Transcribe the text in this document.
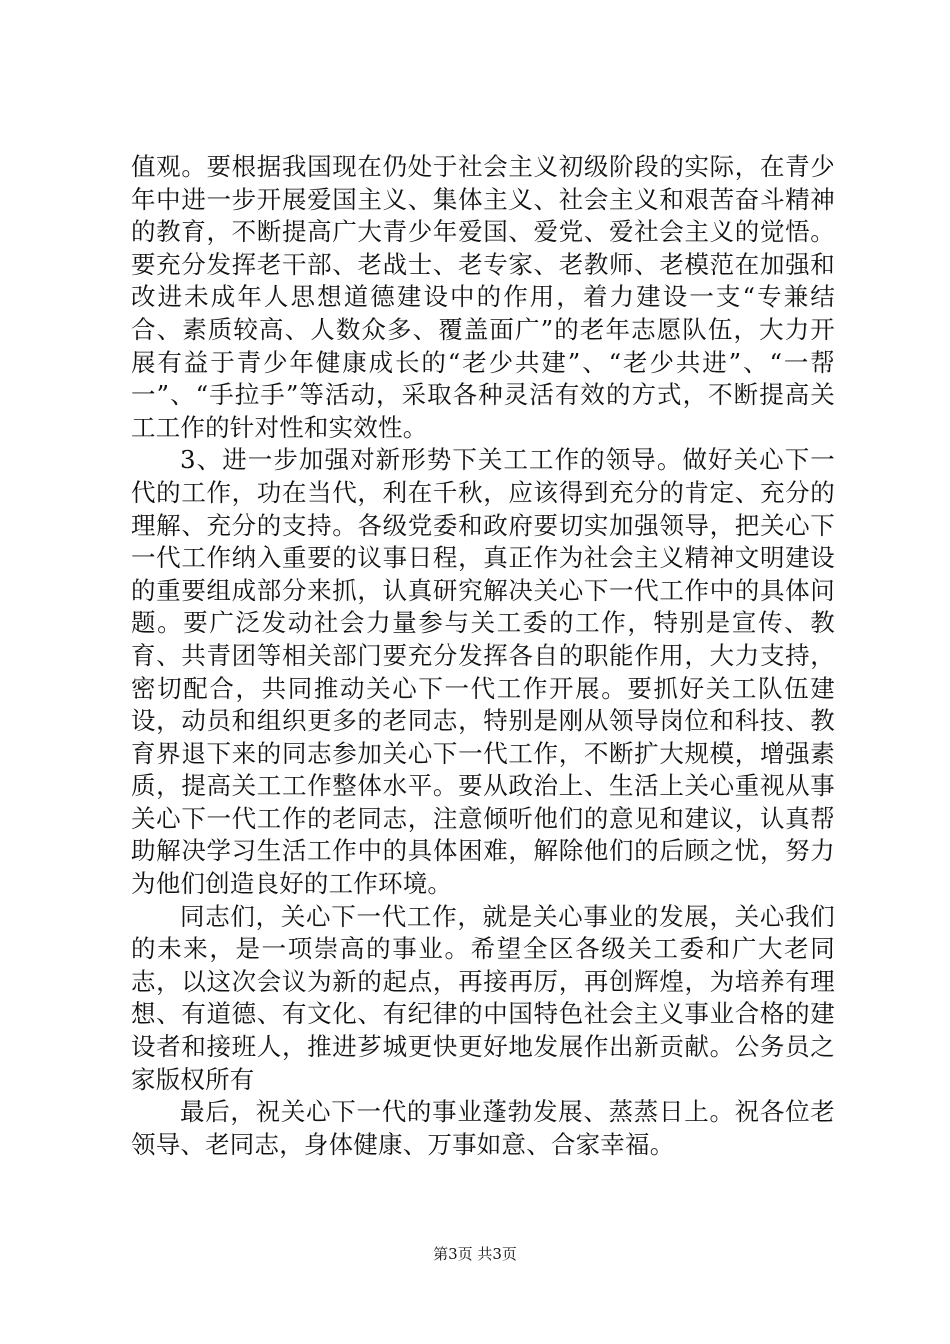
值观。要根据我国现在仍处于社会主义初级阶段的实际，在青少年中进一步开展爱国主义、集体主义、社会主义和艰苦奋斗精神的教育，不断提高广大青少年爱国、爱党、爱社会主义的觉悟。要充分发挥老干部、老战士、老专家、老教师、老模范在加强和改进未成年人思想道德建设中的作用，着力建设一支“专兼结合、素质较高、人数众多、覆盖面广”的老年志愿队伍，大力开展有益于青少年健康成长的“老少共建”、“老少共进”、“一帮一”、“手拉手”等活动，采取各种灵活有效的方式，不断提高关工工作的针对性和实效性。

3、进一步加强对新形势下关工工作的领导。做好关心下一代的工作，功在当代，利在千秋，应该得到充分的肯定、充分的理解、充分的支持。各级党委和政府要切实加强领导，把关心下一代工作纳入重要的议事日程，真正作为社会主义精神文明建设的重要组成部分来抓，认真研究解决关心下一代工作中的具体问题。要广泛发动社会力量参与关工委的工作，特别是宣传、教育、共青团等相关部门要充分发挥各自的职能作用，大力支持，密切配合，共同推动关心下一代工作开展。要抓好关工队伍建设，动员和组织更多的老同志，特别是刚从领导岗位和科技、教育界退下来的同志参加关心下一代工作，不断扩大规模，增强素质，提高关工工作整体水平。要从政治上、生活上关心重视从事关心下一代工作的老同志，注意倾听他们的意见和建议，认真帮助解决学习生活工作中的具体困难，解除他们的后顾之忧，努力为他们创造良好的工作环境。

同志们，关心下一代工作，就是关心事业的发展，关心我们的未来，是一项崇高的事业。希望全区各级关工委和广大老同志，以这次会议为新的起点，再接再厉，再创辉煌，为培养有理想、有道德、有文化、有纪律的中国特色社会主义事业合格的建设者和接班人，推进芗城更快更好地发展作出新贡献。公务员之家版权所有

最后，祝关心下一代的事业蓬勃发展、蒸蒸日上。祝各位老领导、老同志，身体健康、万事如意、合家幸福。

第3页 共3页
